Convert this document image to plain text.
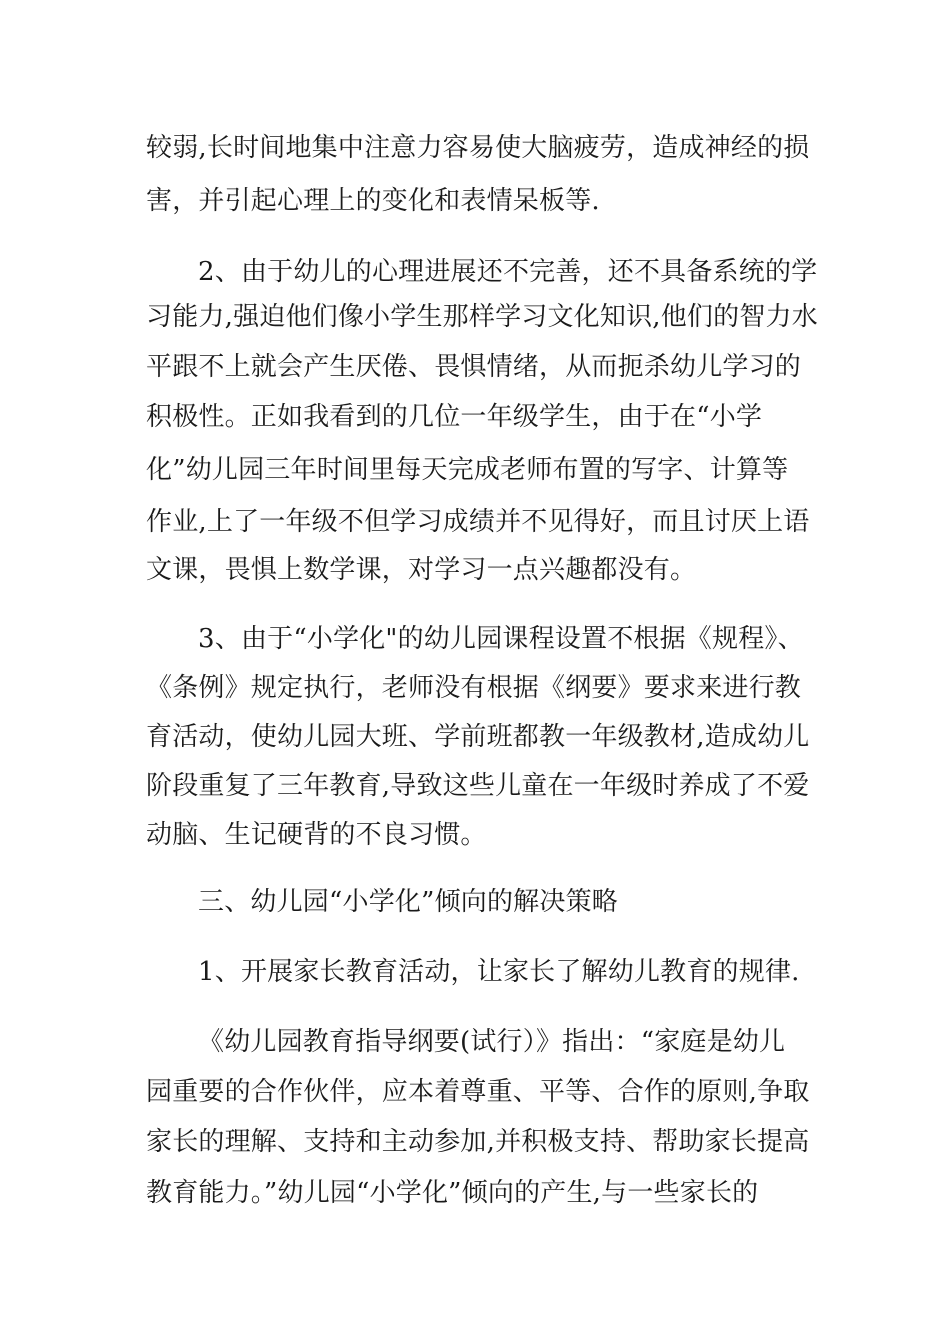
较弱,长时间地集中注意力容易使大脑疲劳，造成神经的损
害，并引起心理上的变化和表情呆板等.
2、由于幼儿的心理进展还不完善，还不具备系统的学
习能力,强迫他们像小学生那样学习文化知识,他们的智力水
平跟不上就会产生厌倦、畏惧情绪，从而扼杀幼儿学习的
积极性。正如我看到的几位一年级学生，由于在“小学
化”幼儿园三年时间里每天完成老师布置的写字、计算等
作业,上了一年级不但学习成绩并不见得好，而且讨厌上语
文课，畏惧上数学课，对学习一点兴趣都没有。
3、由于“小学化"的幼儿园课程设置不根据《规程》、
《条例》规定执行，老师没有根据《纲要》要求来进行教
育活动，使幼儿园大班、学前班都教一年级教材,造成幼儿
阶段重复了三年教育,导致这些儿童在一年级时养成了不爱
动脑、生记硬背的不良习惯。
三、幼儿园“小学化”倾向的解决策略
1、开展家长教育活动，让家长了解幼儿教育的规律.
《幼儿园教育指导纲要(试行）》指出：“家庭是幼儿
园重要的合作伙伴，应本着尊重、平等、合作的原则,争取
家长的理解、支持和主动参加,并积极支持、帮助家长提高
教育能力。”幼儿园“小学化”倾向的产生,与一些家长的
